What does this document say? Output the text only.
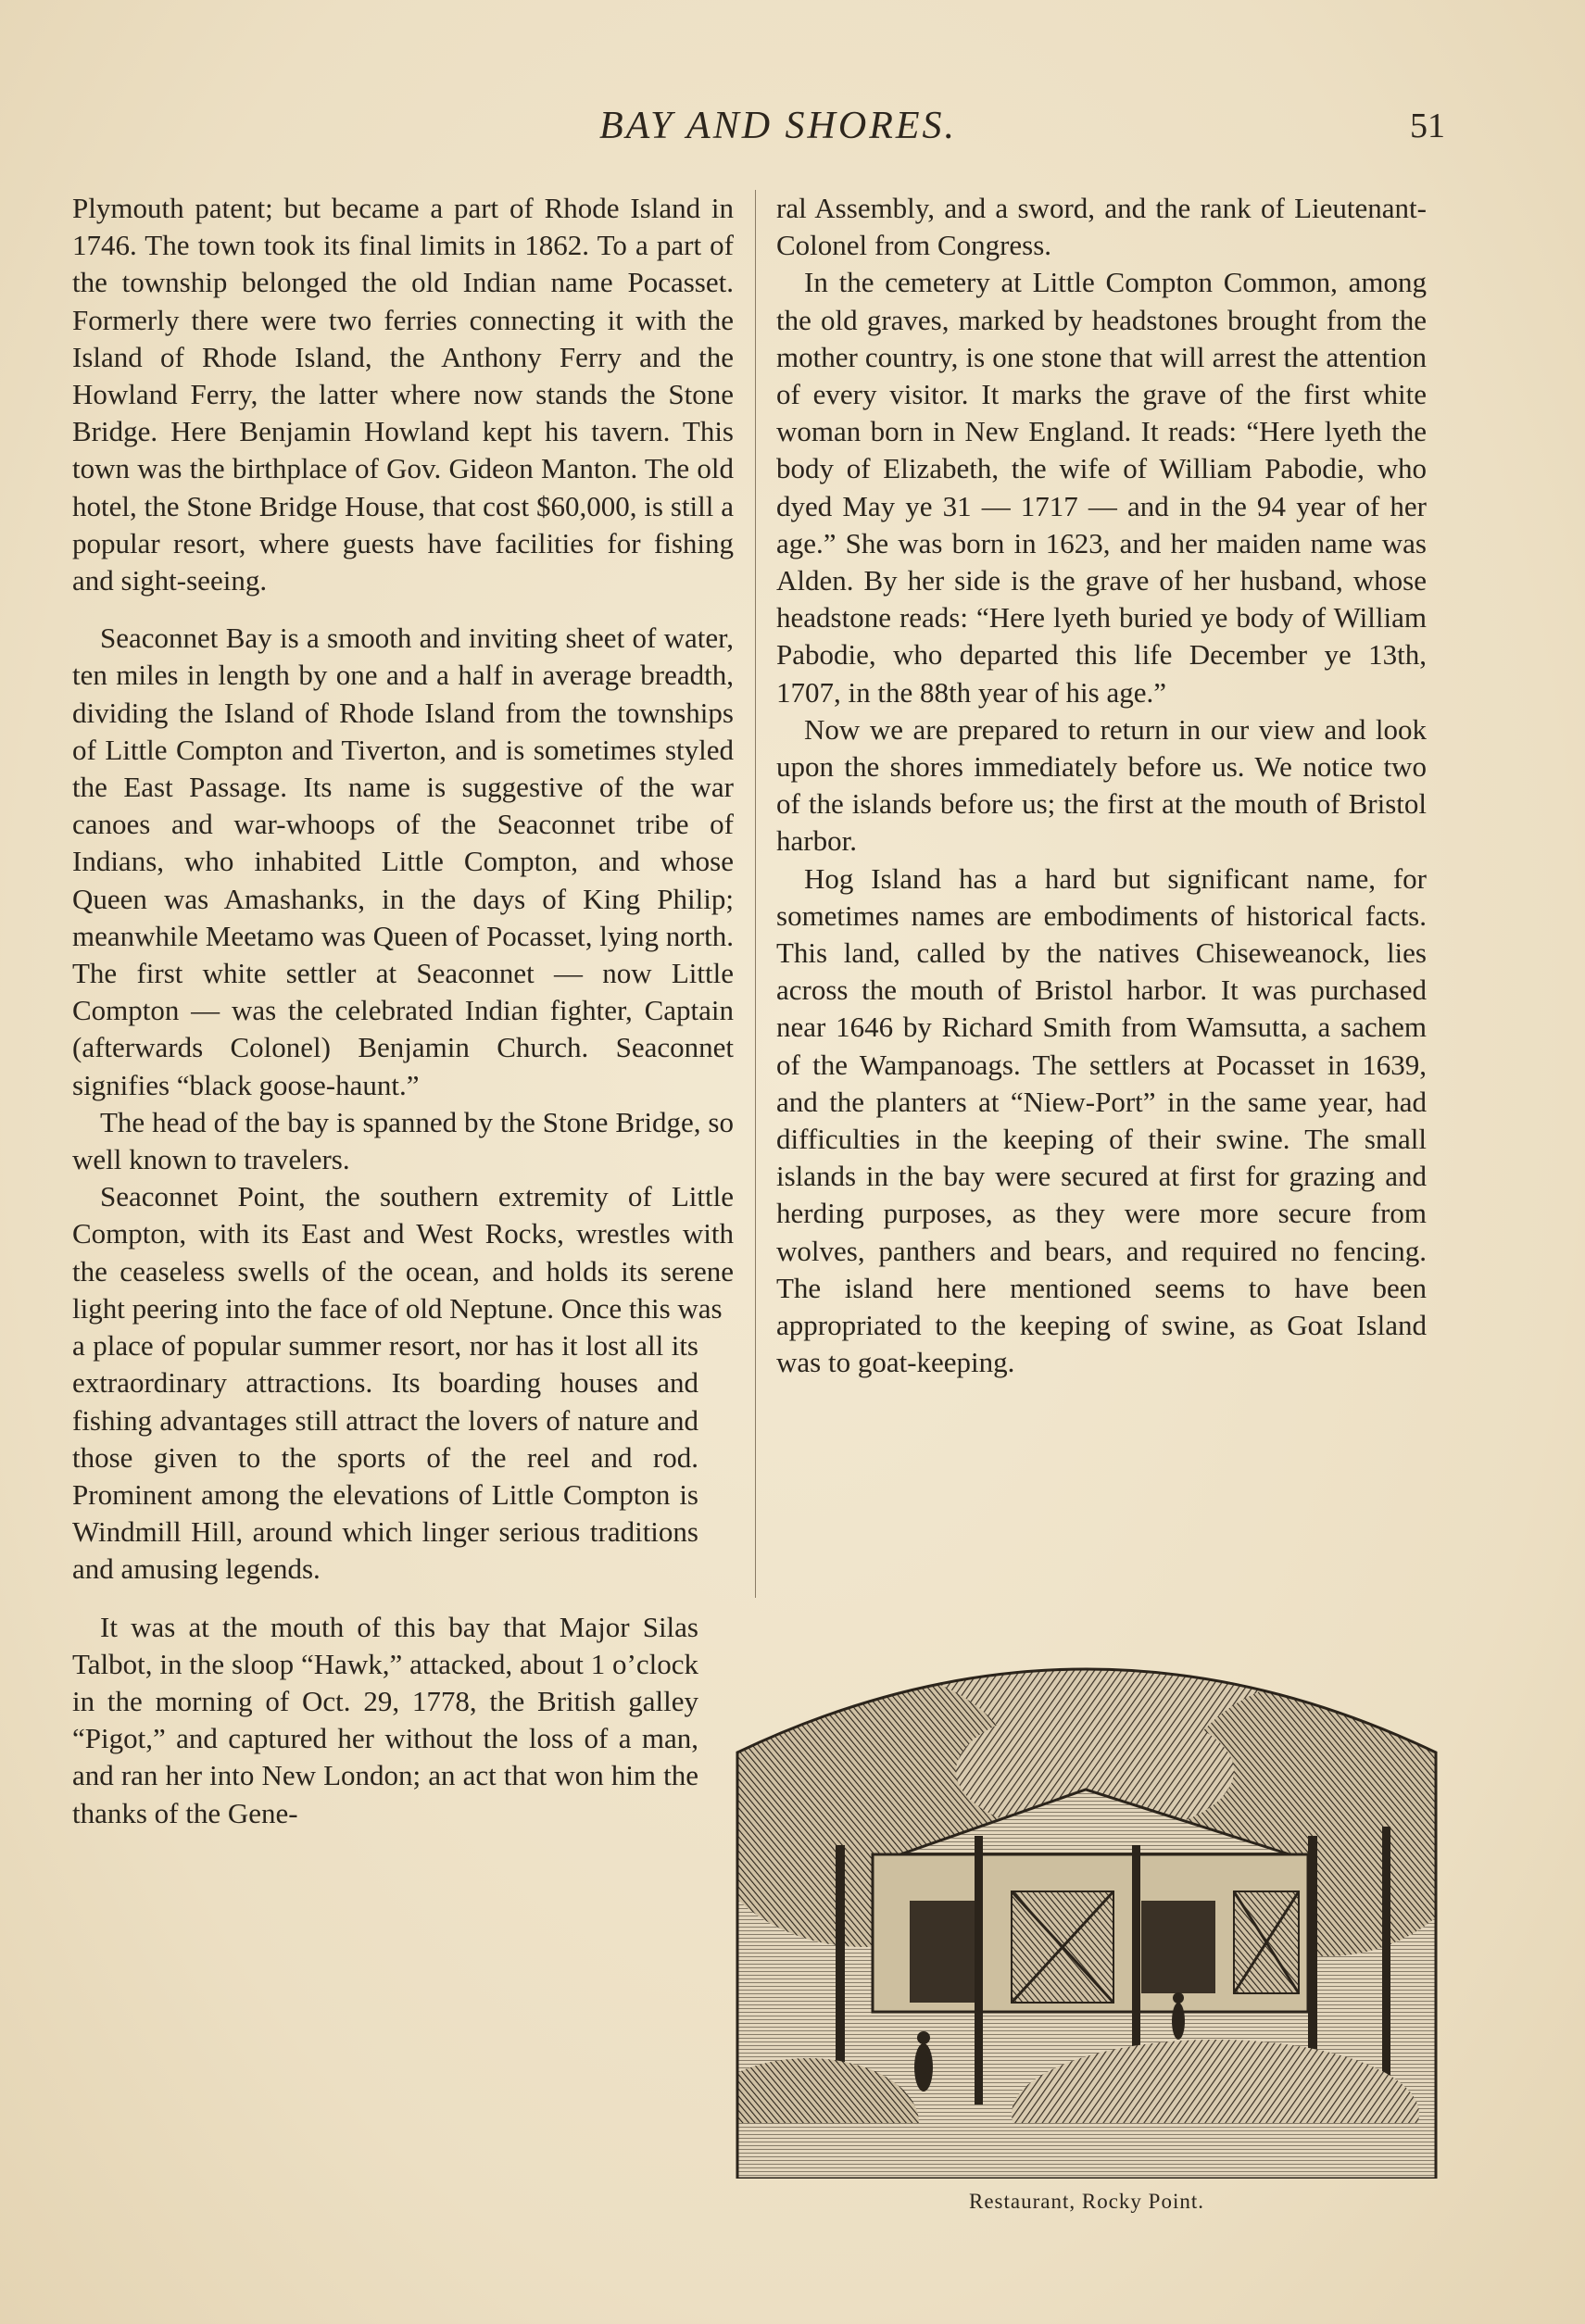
BAY AND SHORES.	51

Plymouth patent; but became a part of Rhode Island in 1746. The town took its final limits in 1862. To a part of the township belonged the old Indian name Pocasset. Formerly there were two ferries connecting it with the Island of Rhode Island, the Anthony Ferry and the Howland Ferry, the latter where now stands the Stone Bridge. Here Benjamin Howland kept his tavern. This town was the birthplace of Gov. Gideon Manton. The old hotel, the Stone Bridge House, that cost $60,000, is still a popular resort, where guests have facilities for fishing and sight-seeing.

Seaconnet Bay is a smooth and inviting sheet of water, ten miles in length by one and a half in average breadth, dividing the Island of Rhode Island from the townships of Little Compton and Tiverton, and is sometimes styled the East Passage. Its name is suggestive of the war canoes and war-whoops of the Seaconnet tribe of Indians, who inhabited Little Compton, and whose Queen was Amashanks, in the days of King Philip; meanwhile Meetamo was Queen of Pocasset, lying north. The first white settler at Seaconnet — now Little Compton — was the celebrated Indian fighter, Captain (afterwards Colonel) Benjamin Church. Seaconnet signifies “black goose-haunt.”

The head of the bay is spanned by the Stone Bridge, so well known to travelers.

Seaconnet Point, the southern extremity of Little Compton, with its East and West Rocks, wrestles with the ceaseless swells of the ocean, and holds its serene light peering into the face of old Neptune. Once this was

a place of popular summer resort, nor has it lost all its extraordinary attractions. Its boarding houses and fishing advantages still attract the lovers of nature and those given to the sports of the reel and rod. Prominent among the elevations of Little Compton is Windmill Hill, around which linger serious traditions and amusing legends.

It was at the mouth of this bay that Major Silas Talbot, in the sloop “Hawk,” attacked, about 1 o’clock in the morning of Oct. 29, 1778, the British galley “Pigot,” and captured her without the loss of a man, and ran her into New London; an act that won him the thanks of the Gene-

ral Assembly, and a sword, and the rank of Lieutenant-Colonel from Congress.

In the cemetery at Little Compton Common, among the old graves, marked by headstones brought from the mother country, is one stone that will arrest the attention of every visitor. It marks the grave of the first white woman born in New England. It reads: “Here lyeth the body of Elizabeth, the wife of William Pabodie, who dyed May ye 31 — 1717 — and in the 94 year of her age.” She was born in 1623, and her maiden name was Alden. By her side is the grave of her husband, whose headstone reads: “Here lyeth buried ye body of William Pabodie, who departed this life December ye 13th, 1707, in the 88th year of his age.”

Now we are prepared to return in our view and look upon the shores immediately before us. We notice two of the islands before us; the first at the mouth of Bristol harbor.

Hog Island has a hard but significant name, for sometimes names are embodiments of historical facts. This land, called by the natives Chiseweanock, lies across the mouth of Bristol harbor. It was purchased near 1646 by Richard Smith from Wamsutta, a sachem of the Wampanoags. The settlers at Pocasset in 1639, and the planters at “Niew-Port” in the same year, had difficulties in the keeping of their swine. The small islands in the bay were secured at first for grazing and herding purposes, as they were more secure from wolves, panthers and bears, and required no fencing. The island here mentioned seems to have been appropriated to the keeping of swine, as Goat Island was to goat-keeping.

Restaurant, Rocky Point.
